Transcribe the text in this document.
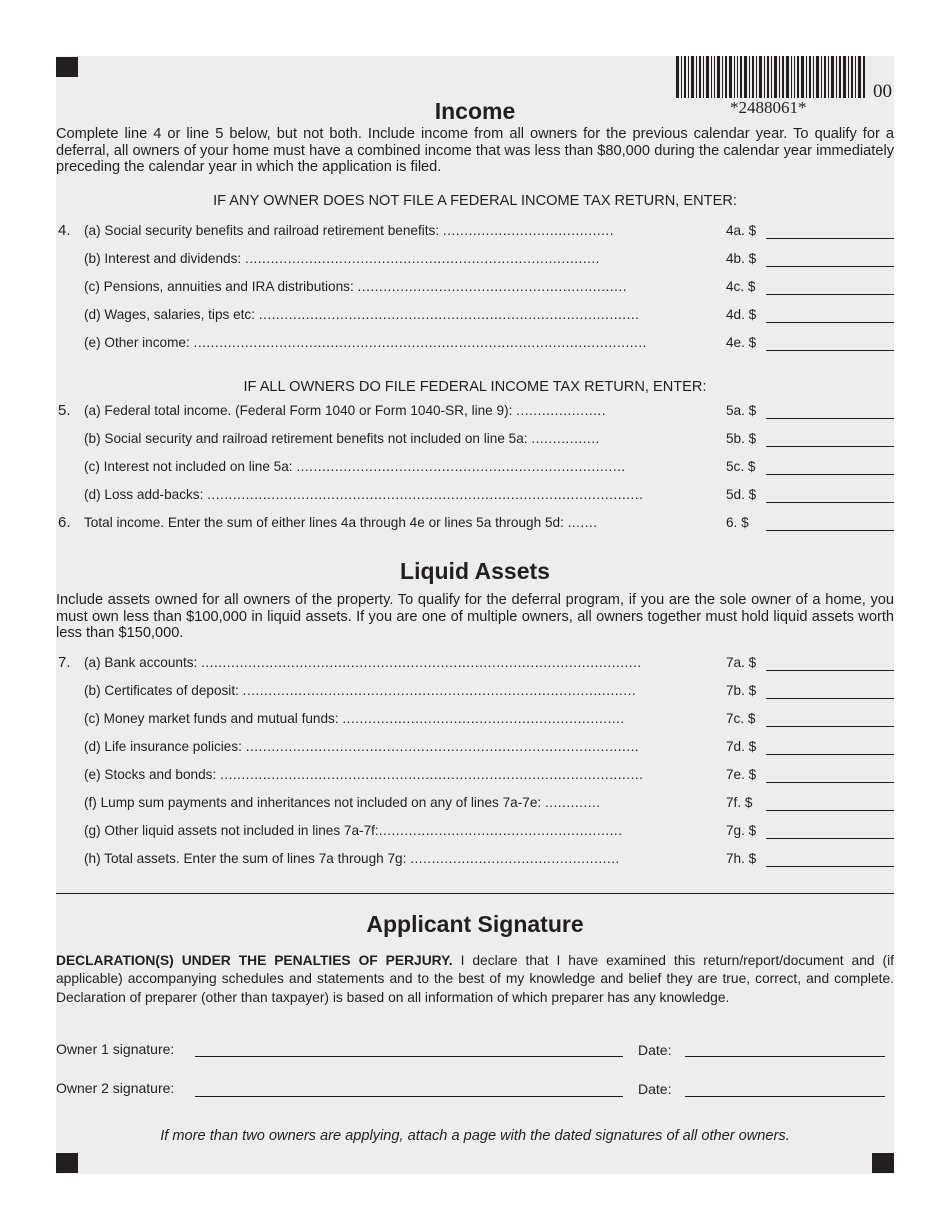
*2488061*
00
Income
Complete line 4 or line 5 below, but not both. Include income from all owners for the previous calendar year. To qualify for a deferral, all owners of your home must have a combined income that was less than $80,000 during the calendar year immediately preceding the calendar year in which the application is filed.
IF ANY OWNER DOES NOT FILE A FEDERAL INCOME TAX RETURN, ENTER:
4. (a) Social security benefits and railroad retirement benefits: ........................................	4a. $
(b) Interest and dividends: ...................................................................................	4b. $
(c) Pensions, annuities and IRA distributions: ...............................................................	4c. $
(d) Wages, salaries, tips etc: .........................................................................................	4d. $
(e) Other income: ..........................................................................................................	4e. $
IF ALL OWNERS DO FILE FEDERAL INCOME TAX RETURN, ENTER:
5. (a) Federal total income. (Federal Form 1040 or Form 1040-SR, line 9): .....................	5a. $
(b) Social security and railroad retirement benefits not included on line 5a: ................	5b. $
(c) Interest not included on line 5a: .............................................................................	5c. $
(d) Loss add-backs: ......................................................................................................	5d. $
6. Total income. Enter the sum of either lines 4a through 4e or lines 5a through 5d: .......	6. $
Liquid Assets
Include assets owned for all owners of the property. To qualify for the deferral program, if you are the sole owner of a home, you must own less than $100,000 in liquid assets. If you are one of multiple owners, all owners together must hold liquid assets worth less than $150,000.
7. (a) Bank accounts: .......................................................................................................	7a. $
(b) Certificates of deposit: ............................................................................................	7b. $
(c) Money market funds and mutual funds: ..................................................................	7c. $
(d) Life insurance policies: ............................................................................................	7d. $
(e) Stocks and bonds: ...................................................................................................	7e. $
(f) Lump sum payments and inheritances not included on any of lines 7a-7e: .............	7f. $
(g) Other liquid assets not included in lines 7a-7f:.........................................................	7g. $
(h) Total assets. Enter the sum of lines 7a through 7g: .................................................	7h. $
Applicant Signature
DECLARATION(S) UNDER THE PENALTIES OF PERJURY. I declare that I have examined this return/report/document and (if applicable) accompanying schedules and statements and to the best of my knowledge and belief they are true, correct, and complete. Declaration of preparer (other than taxpayer) is based on all information of which preparer has any knowledge.
Owner 1 signature:	Date:
Owner 2 signature:	Date:
If more than two owners are applying, attach a page with the dated signatures of all other owners.
